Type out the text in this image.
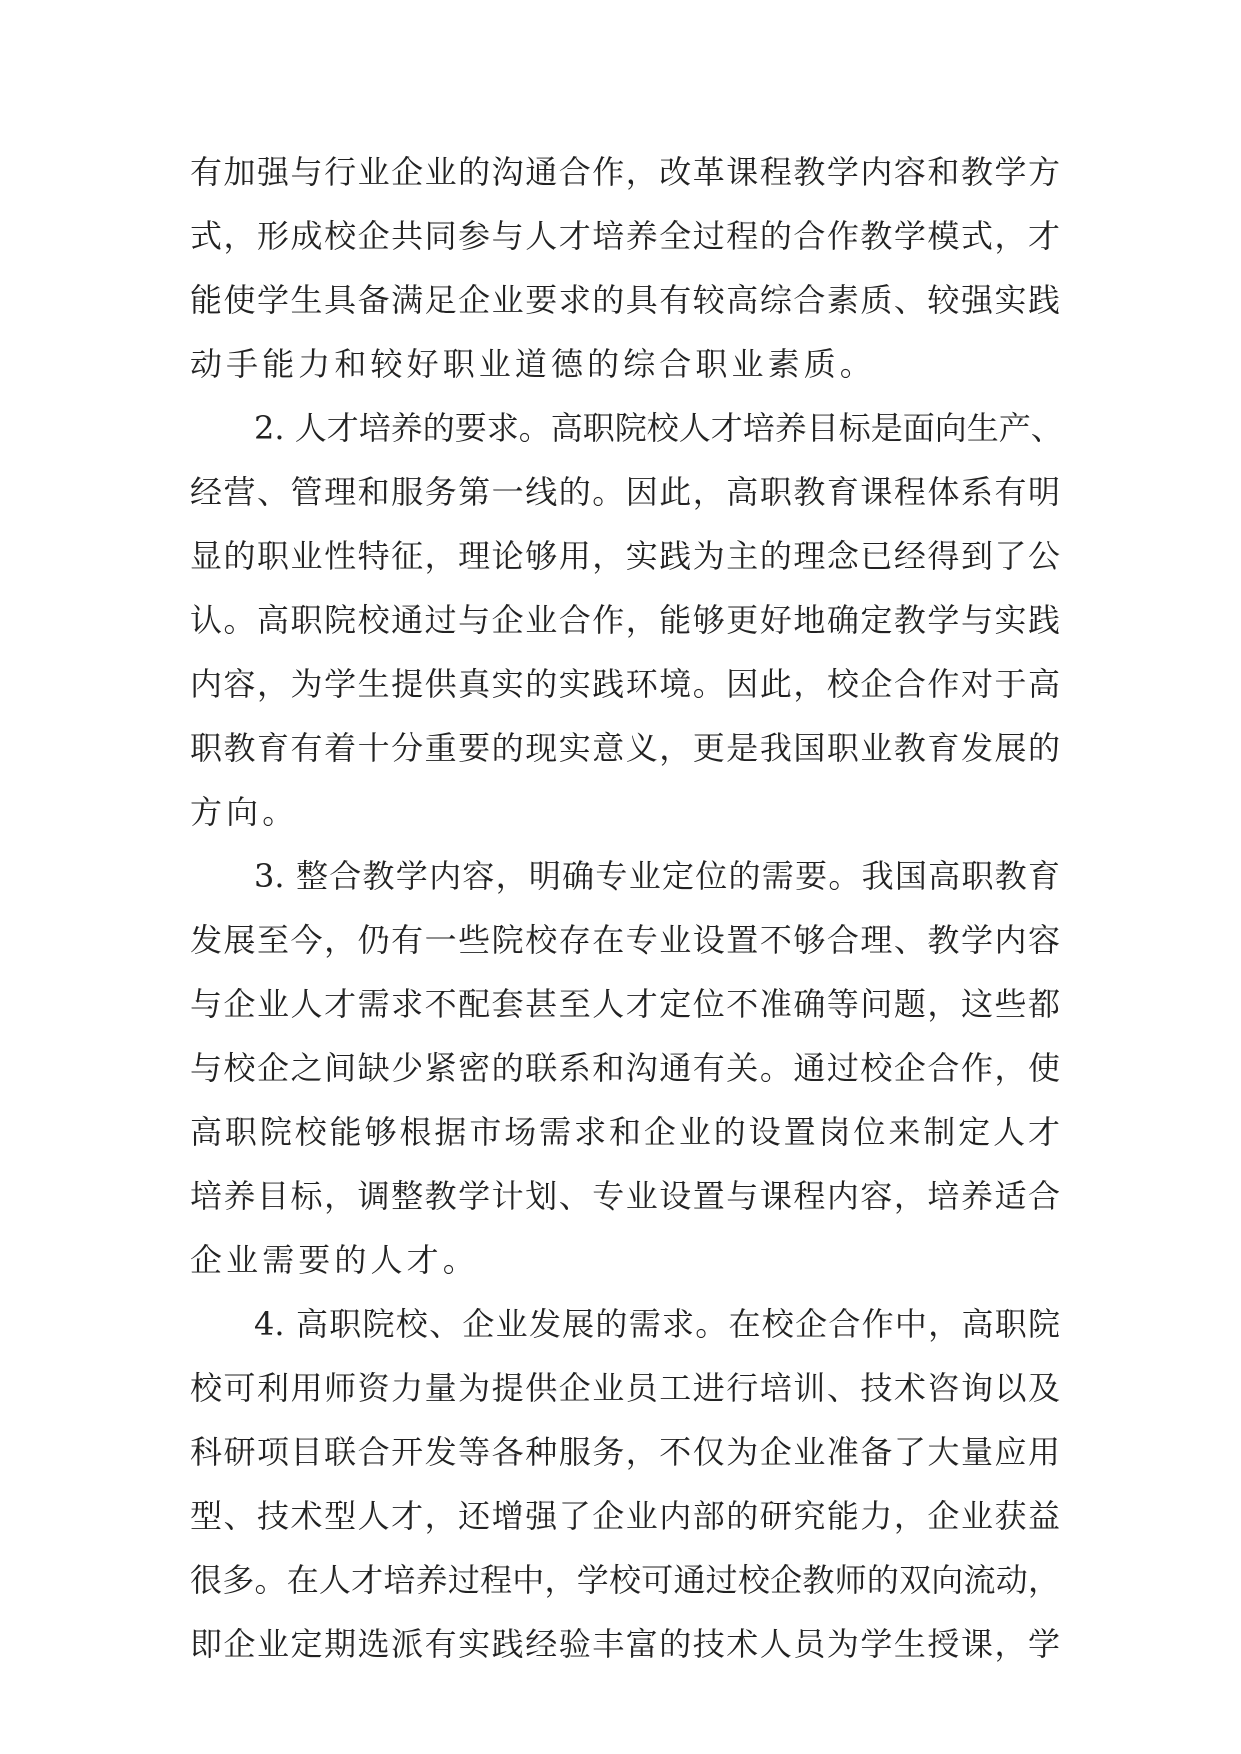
有加强与行业企业的沟通合作，改革课程教学内容和教学方
式，形成校企共同参与人才培养全过程的合作教学模式，才
能使学生具备满足企业要求的具有较高综合素质、较强实践
动手能力和较好职业道德的综合职业素质。
2. 人才培养的要求。高职院校人才培养目标是面向生产、
经营、管理和服务第一线的。因此，高职教育课程体系有明
显的职业性特征，理论够用，实践为主的理念已经得到了公
认。高职院校通过与企业合作，能够更好地确定教学与实践
内容，为学生提供真实的实践环境。因此，校企合作对于高
职教育有着十分重要的现实意义，更是我国职业教育发展的
方向。
3. 整合教学内容，明确专业定位的需要。我国高职教育
发展至今，仍有一些院校存在专业设置不够合理、教学内容
与企业人才需求不配套甚至人才定位不准确等问题，这些都
与校企之间缺少紧密的联系和沟通有关。通过校企合作，使
高职院校能够根据市场需求和企业的设置岗位来制定人才
培养目标，调整教学计划、专业设置与课程内容，培养适合
企业需要的人才。
4. 高职院校、企业发展的需求。在校企合作中，高职院
校可利用师资力量为提供企业员工进行培训、技术咨询以及
科研项目联合开发等各种服务，不仅为企业准备了大量应用
型、技术型人才，还增强了企业内部的研究能力，企业获益
很多。在人才培养过程中，学校可通过校企教师的双向流动，
即企业定期选派有实践经验丰富的技术人员为学生授课，学
